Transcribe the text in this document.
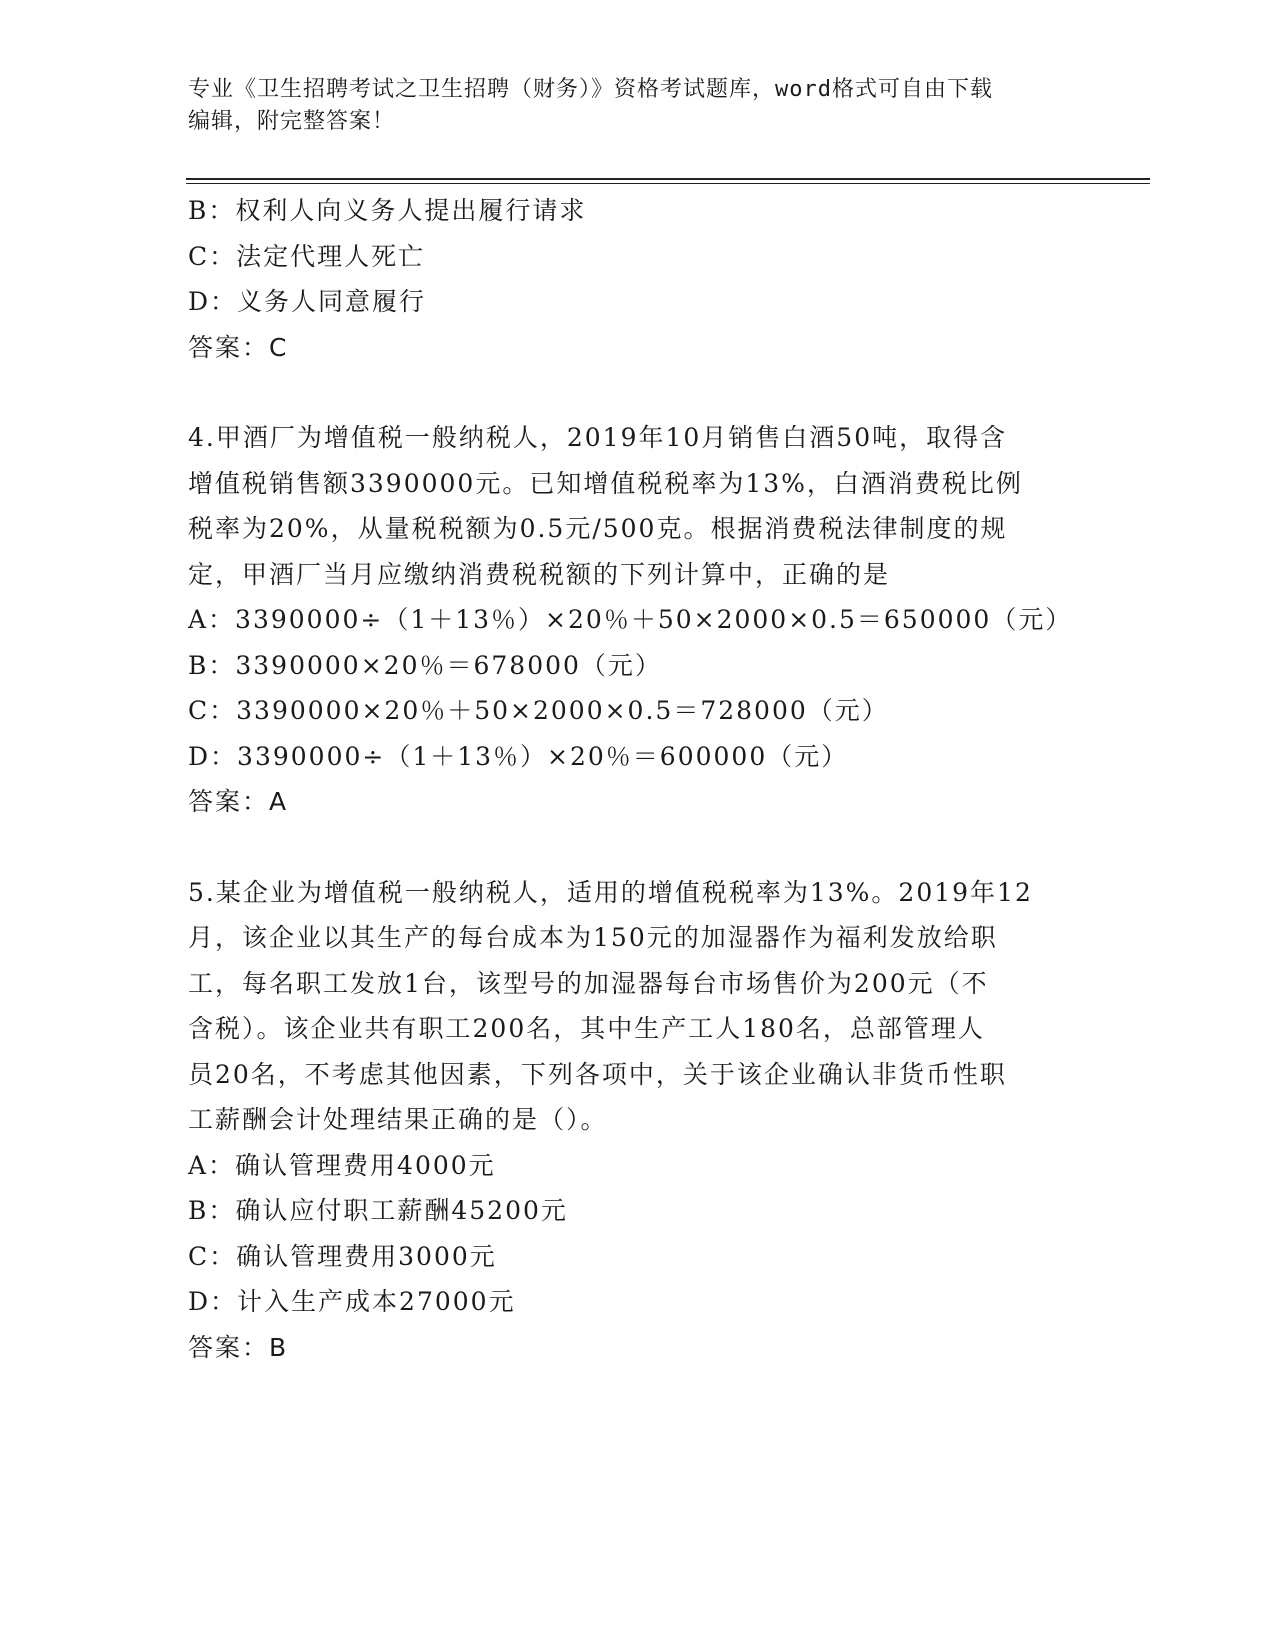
专业《卫生招聘考试之卫生招聘（财务）》资格考试题库，word格式可自由下载
编辑，附完整答案！
B：权利人向义务人提出履行请求
C：法定代理人死亡
D：义务人同意履行
答案：C
4.甲酒厂为增值税一般纳税人，2019年10月销售白酒50吨，取得含
增值税销售额3390000元。已知增值税税率为13%，白酒消费税比例
税率为20%，从量税税额为0.5元/500克。根据消费税法律制度的规
定，甲酒厂当月应缴纳消费税税额的下列计算中，正确的是
A：3390000÷（1＋13％）×20％＋50×2000×0.5＝650000（元）
B：3390000×20％＝678000（元）
C：3390000×20％＋50×2000×0.5＝728000（元）
D：3390000÷（1＋13％）×20％＝600000（元）
答案：A
5.某企业为增值税一般纳税人，适用的增值税税率为13%。2019年12
月，该企业以其生产的每台成本为150元的加湿器作为福利发放给职
工，每名职工发放1台，该型号的加湿器每台市场售价为200元（不
含税）。该企业共有职工200名，其中生产工人180名，总部管理人
员20名，不考虑其他因素，下列各项中，关于该企业确认非货币性职
工薪酬会计处理结果正确的是（）。
A：确认管理费用4000元
B：确认应付职工薪酬45200元
C：确认管理费用3000元
D：计入生产成本27000元
答案：B
